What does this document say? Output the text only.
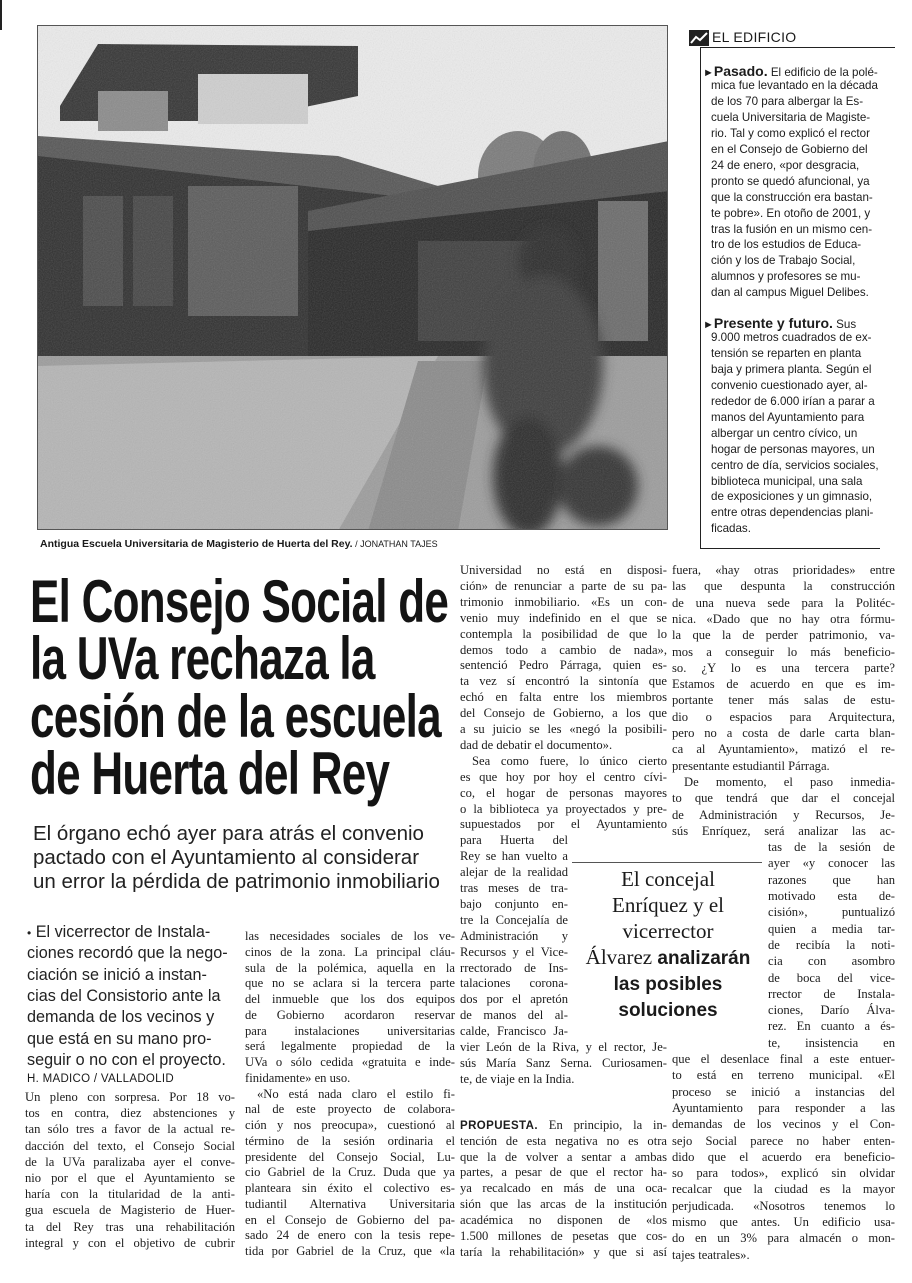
Antigua Escuela Universitaria de Magisterio de Huerta del Rey. / JONATHAN TAJES
EL EDIFICIO
►Pasado. El edificio de la polé-
mica fue levantado en la década
de los 70 para albergar la Es-
cuela Universitaria de Magiste-
rio. Tal y como explicó el rector
en el Consejo de Gobierno del
24 de enero, «por desgracia,
pronto se quedó afuncional, ya
que la construcción era bastan-
te pobre». En otoño de 2001, y
tras la fusión en un mismo cen-
tro de los estudios de Educa-
ción y los de Trabajo Social,
alumnos y profesores se mu-
dan al campus Miguel Delibes.
►Presente y futuro. Sus
9.000 metros cuadrados de ex-
tensión se reparten en planta
baja y primera planta. Según el
convenio cuestionado ayer, al-
rededor de 6.000 irían a parar a
manos del Ayuntamiento para
albergar un centro cívico, un
hogar de personas mayores, un
centro de día, servicios sociales,
biblioteca municipal, una sala
de exposiciones y un gimnasio,
entre otras dependencias plani-
ficadas.
El Consejo Social de
la UVa rechaza la
cesión de la escuela
de Huerta del Rey
El órgano echó ayer para atrás el convenio
pactado con el Ayuntamiento al considerar
un error la pérdida de patrimonio inmobiliario
• El vicerrector de Instala-
ciones recordó que la nego-
ciación se inició a instan-
cias del Consistorio ante la
demanda de los vecinos y
que está en su mano pro-
seguir o no con el proyecto.
H. MADICO / VALLADOLID
El concejal
Enríquez y el
vicerrector
Álvarez analizarán
las posibles
soluciones
Un pleno con sorpresa. Por 18 vo-
tos en contra, diez abstenciones y
tan sólo tres a favor de la actual re-
dacción del texto, el Consejo Social
de la UVa paralizaba ayer el conve-
nio por el que el Ayuntamiento se
haría con la titularidad de la anti-
gua escuela de Magisterio de Huer-
ta del Rey tras una rehabilitación
integral y con el objetivo de cubrir
las necesidades sociales de los ve-
cinos de la zona. La principal cláu-
sula de la polémica, aquella en la
que no se aclara si la tercera parte
del inmueble que los dos equipos
de Gobierno acordaron reservar
para instalaciones universitarias
será legalmente propiedad de la
UVa o sólo cedida «gratuita e inde-
finidamente» en uso.
«No está nada claro el estilo fi-
nal de este proyecto de colabora-
ción y nos preocupa», cuestionó al
término de la sesión ordinaria el
presidente del Consejo Social, Lu-
cio Gabriel de la Cruz. Duda que ya
planteara sin éxito el colectivo es-
tudiantil Alternativa Universitaria
en el Consejo de Gobierno del pa-
sado 24 de enero con la tesis repe-
tida por Gabriel de la Cruz, que «la
Universidad no está en disposi-
ción» de renunciar a parte de su pa-
trimonio inmobiliario. «Es un con-
venio muy indefinido en el que se
contempla la posibilidad de que lo
demos todo a cambio de nada»,
sentenció Pedro Párraga, quien es-
ta vez sí encontró la sintonía que
echó en falta entre los miembros
del Consejo de Gobierno, a los que
a su juicio se les «negó la posibili-
dad de debatir el documento».
Sea como fuere, lo único cierto
es que hoy por hoy el centro cívi-
co, el hogar de personas mayores
o la biblioteca ya proyectados y pre-
supuestados por el Ayuntamiento
para Huerta del
Rey se han vuelto a
alejar de la realidad
tras meses de tra-
bajo conjunto en-
tre la Concejalía de
Administración y
Recursos y el Vice-
rrectorado de Ins-
talaciones corona-
dos por el apretón
de manos del al-
calde, Francisco Ja-
vier León de la Riva, y el rector, Je-
sús María Sanz Serna. Curiosamen-
te, de viaje en la India.
PROPUESTA. En principio, la in-
tención de esta negativa no es otra
que la de volver a sentar a ambas
partes, a pesar de que el rector ha-
ya recalcado en más de una oca-
sión que las arcas de la institución
académica no disponen de «los
1.500 millones de pesetas que cos-
taría la rehabilitación» y que si así
fuera, «hay otras prioridades» entre
las que despunta la construcción
de una nueva sede para la Politéc-
nica. «Dado que no hay otra fórmu-
la que la de perder patrimonio, va-
mos a conseguir lo más beneficio-
so. ¿Y lo es una tercera parte?
Estamos de acuerdo en que es im-
portante tener más salas de estu-
dio o espacios para Arquitectura,
pero no a costa de darle carta blan-
ca al Ayuntamiento», matizó el re-
presentante estudiantil Párraga.
De momento, el paso inmedia-
to que tendrá que dar el concejal
de Administración y Recursos, Je-
sús Enríquez, será analizar las ac-
tas de la sesión de
ayer «y conocer las
razones que han
motivado esta de-
cisión», puntualizó
quien a media tar-
de recibía la noti-
cia con asombro
de boca del vice-
rrector de Instala-
ciones, Darío Álva-
rez. En cuanto a és-
te, insistencia en
que el desenlace final a este entuer-
to está en terreno municipal. «El
proceso se inició a instancias del
Ayuntamiento para responder a las
demandas de los vecinos y el Con-
sejo Social parece no haber enten-
dido que el acuerdo era beneficio-
so para todos», explicó sin olvidar
recalcar que la ciudad es la mayor
perjudicada. «Nosotros tenemos lo
mismo que antes. Un edificio usa-
do en un 3% para almacén o mon-
tajes teatrales».
